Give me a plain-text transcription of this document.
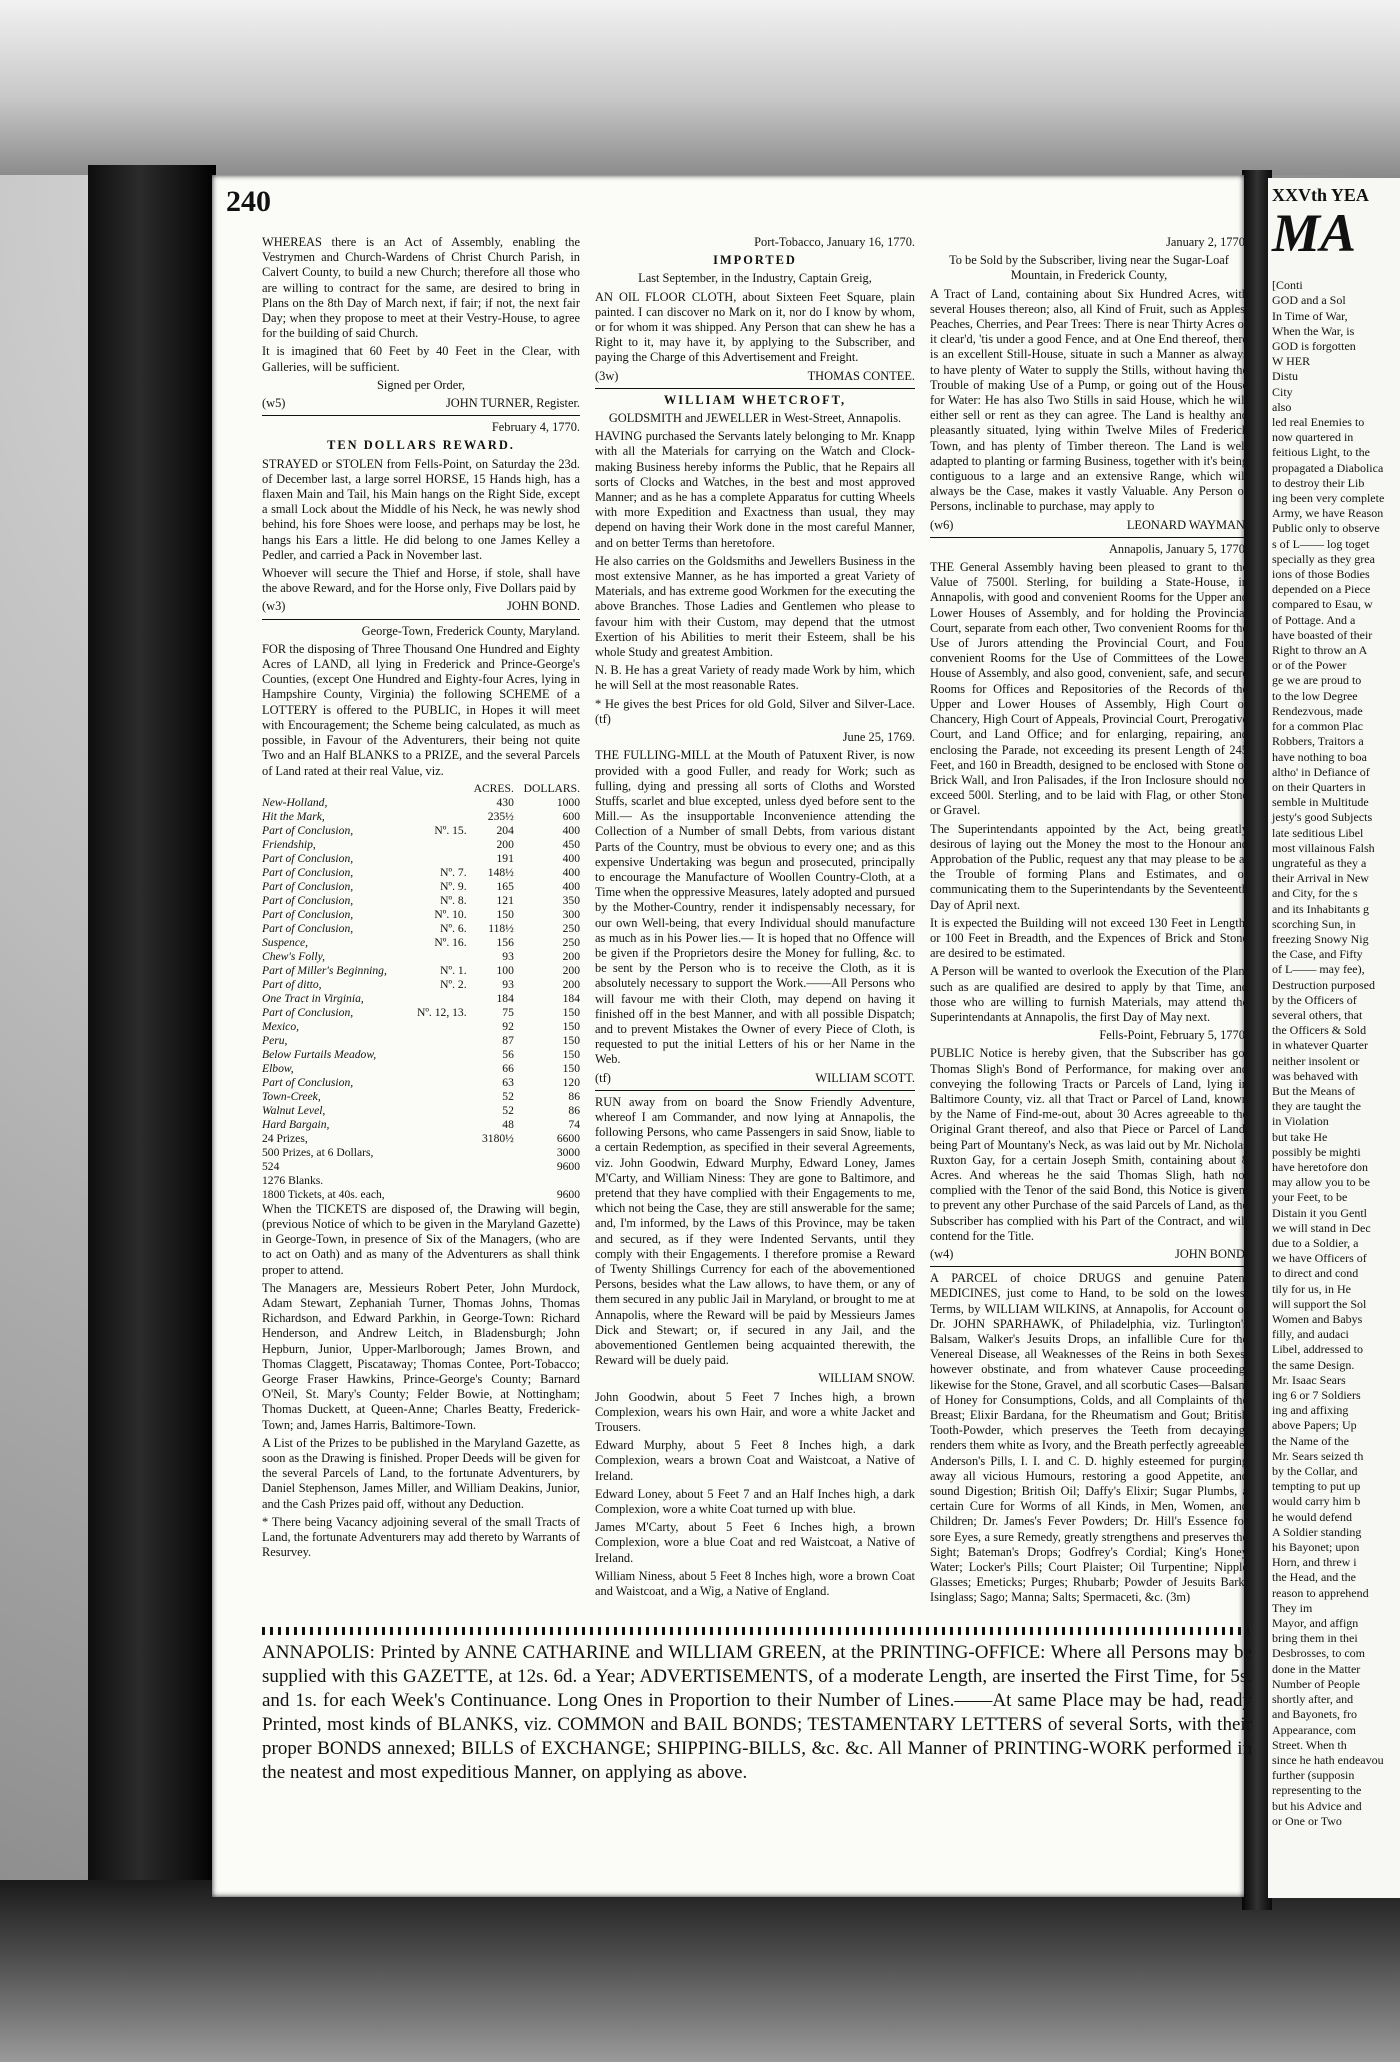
240

WHEREAS there is an Act of Assembly, enabling the Vestrymen and Church-Wardens of Christ Church Parish, in Calvert County, to build a new Church; therefore all those who are willing to contract for the same, are desired to bring in Plans on the 8th Day of March next, if fair; if not, the next fair Day; when they propose to meet at their Vestry-House, to agree for the building of said Church.

It is imagined that 60 Feet by 40 Feet in the Clear, with Galleries, will be sufficient.

Signed per Order,

(w5)	JOHN TURNER, Register.

February 4, 1770.

TEN DOLLARS REWARD.

STRAYED or STOLEN from Fells-Point, on Saturday the 23d. of December last, a large sorrel HORSE, 15 Hands high, has a flaxen Main and Tail, his Main hangs on the Right Side, except a small Lock about the Middle of his Neck, he was newly shod behind, his fore Shoes were loose, and perhaps may be lost, he hangs his Ears a little. He did belong to one James Kelley a Pedler, and carried a Pack in November last.

Whoever will secure the Thief and Horse, if stole, shall have the above Reward, and for the Horse only, Five Dollars paid by

(w3)	JOHN BOND.

George-Town, Frederick County, Maryland.

FOR the disposing of Three Thousand One Hundred and Eighty Acres of LAND, all lying in Frederick and Prince-George's Counties, (except One Hundred and Eighty-four Acres, lying in Hampshire County, Virginia) the following SCHEME of a LOTTERY is offered to the PUBLIC, in Hopes it will meet with Encouragement; the Scheme being calculated, as much as possible, in Favour of the Adventurers, their being not quite Two and an Half BLANKS to a PRIZE, and the several Parcels of Land rated at their real Value, viz.

		ACRES.	DOLLARS.
New-Holland,		430	1000
Hit the Mark,		235½	600
Part of Conclusion,	Nº. 15.	204	400
Friendship,		200	450
Part of Conclusion,		191	400
Part of Conclusion,	Nº. 7.	148½	400
Part of Conclusion,	Nº. 9.	165	400
Part of Conclusion,	Nº. 8.	121	350
Part of Conclusion,	Nº. 10.	150	300
Part of Conclusion,	Nº. 6.	118½	250
Suspence,	Nº. 16.	156	250
Chew's Folly,		93	200
Part of Miller's Beginning,	Nº. 1.	100	200
Part of ditto,	Nº. 2.	93	200
One Tract in Virginia,		184	184
Part of Conclusion,	Nº. 12, 13.	75	150
Mexico,		92	150
Peru,		87	150
Below Furtails Meadow,		56	150
Elbow,		66	150
Part of Conclusion,		63	120
Town-Creek,		52	86
Walnut Level,		52	86
Hard Bargain,		48	74
24 Prizes,		3180½	6600
500 Prizes, at 6 Dollars,			3000
524			9600
1276 Blanks.			
1800 Tickets, at 40s. each,			9600

When the TICKETS are disposed of, the Drawing will begin, (previous Notice of which to be given in the Maryland Gazette) in George-Town, in presence of Six of the Managers, (who are to act on Oath) and as many of the Adventurers as shall think proper to attend.

The Managers are, Messieurs Robert Peter, John Murdock, Adam Stewart, Zephaniah Turner, Thomas Johns, Thomas Richardson, and Edward Parkhin, in George-Town: Richard Henderson, and Andrew Leitch, in Bladensburgh; John Hepburn, Junior, Upper-Marlborough; James Brown, and Thomas Claggett, Piscataway; Thomas Contee, Port-Tobacco; George Fraser Hawkins, Prince-George's County; Barnard O'Neil, St. Mary's County; Felder Bowie, at Nottingham; Thomas Duckett, at Queen-Anne; Charles Beatty, Frederick-Town; and, James Harris, Baltimore-Town.

A List of the Prizes to be published in the Maryland Gazette, as soon as the Drawing is finished. Proper Deeds will be given for the several Parcels of Land, to the fortunate Adventurers, by Daniel Stephenson, James Miller, and William Deakins, Junior, and the Cash Prizes paid off, without any Deduction.

* There being Vacancy adjoining several of the small Tracts of Land, the fortunate Adventurers may add thereto by Warrants of Resurvey.

Port-Tobacco, January 16, 1770.

IMPORTED

Last September, in the Industry, Captain Greig,

AN OIL FLOOR CLOTH, about Sixteen Feet Square, plain painted. I can discover no Mark on it, nor do I know by whom, or for whom it was shipped. Any Person that can shew he has a Right to it, may have it, by applying to the Subscriber, and paying the Charge of this Advertisement and Freight.

(3w)	THOMAS CONTEE.

WILLIAM WHETCROFT,

GOLDSMITH and JEWELLER in West-Street, Annapolis.

HAVING purchased the Servants lately belonging to Mr. Knapp with all the Materials for carrying on the Watch and Clock-making Business hereby informs the Public, that he Repairs all sorts of Clocks and Watches, in the best and most approved Manner; and as he has a complete Apparatus for cutting Wheels with more Expedition and Exactness than usual, they may depend on having their Work done in the most careful Manner, and on better Terms than heretofore.

He also carries on the Goldsmiths and Jewellers Business in the most extensive Manner, as he has imported a great Variety of Materials, and has extreme good Workmen for the executing the above Branches. Those Ladies and Gentlemen who please to favour him with their Custom, may depend that the utmost Exertion of his Abilities to merit their Esteem, shall be his whole Study and greatest Ambition.

N. B. He has a great Variety of ready made Work by him, which he will Sell at the most reasonable Rates.

* He gives the best Prices for old Gold, Silver and Silver-Lace. (tf)

June 25, 1769.

THE FULLING-MILL at the Mouth of Patuxent River, is now provided with a good Fuller, and ready for Work; such as fulling, dying and pressing all sorts of Cloths and Worsted Stuffs, scarlet and blue excepted, unless dyed before sent to the Mill.— As the insupportable Inconvenience attending the Collection of a Number of small Debts, from various distant Parts of the Country, must be obvious to every one; and as this expensive Undertaking was begun and prosecuted, principally to encourage the Manufacture of Woollen Country-Cloth, at a Time when the oppressive Measures, lately adopted and pursued by the Mother-Country, render it indispensably necessary, for our own Well-being, that every Individual should manufacture as much as in his Power lies.— It is hoped that no Offence will be given if the Proprietors desire the Money for fulling, &c. to be sent by the Person who is to receive the Cloth, as it is absolutely necessary to support the Work.——All Persons who will favour me with their Cloth, may depend on having it finished off in the best Manner, and with all possible Dispatch; and to prevent Mistakes the Owner of every Piece of Cloth, is requested to put the initial Letters of his or her Name in the Web.

(tf)	WILLIAM SCOTT.

RUN away from on board the Snow Friendly Adventure, whereof I am Commander, and now lying at Annapolis, the following Persons, who came Passengers in said Snow, liable to a certain Redemption, as specified in their several Agreements, viz. John Goodwin, Edward Murphy, Edward Loney, James M'Carty, and William Niness: They are gone to Baltimore, and pretend that they have complied with their Engagements to me, which not being the Case, they are still answerable for the same; and, I'm informed, by the Laws of this Province, may be taken and secured, as if they were Indented Servants, until they comply with their Engagements. I therefore promise a Reward of Twenty Shillings Currency for each of the abovementioned Persons, besides what the Law allows, to have them, or any of them secured in any public Jail in Maryland, or brought to me at Annapolis, where the Reward will be paid by Messieurs James Dick and Stewart; or, if secured in any Jail, and the abovementioned Gentlemen being acquainted therewith, the Reward will be duely paid.

WILLIAM SNOW.

John Goodwin, about 5 Feet 7 Inches high, a brown Complexion, wears his own Hair, and wore a white Jacket and Trousers.

Edward Murphy, about 5 Feet 8 Inches high, a dark Complexion, wears a brown Coat and Waistcoat, a Native of Ireland.

Edward Loney, about 5 Feet 7 and an Half Inches high, a dark Complexion, wore a white Coat turned up with blue.

James M'Carty, about 5 Feet 6 Inches high, a brown Complexion, wore a blue Coat and red Waistcoat, a Native of Ireland.

William Niness, about 5 Feet 8 Inches high, wore a brown Coat and Waistcoat, and a Wig, a Native of England.

January 2, 1770.

To be Sold by the Subscriber, living near the Sugar-Loaf Mountain, in Frederick County,

A Tract of Land, containing about Six Hundred Acres, with several Houses thereon; also, all Kind of Fruit, such as Apples, Peaches, Cherries, and Pear Trees: There is near Thirty Acres of it clear'd, 'tis under a good Fence, and at One End thereof, there is an excellent Still-House, situate in such a Manner as always to have plenty of Water to supply the Stills, without having the Trouble of making Use of a Pump, or going out of the House for Water: He has also Two Stills in said House, which he will either sell or rent as they can agree. The Land is healthy and pleasantly situated, lying within Twelve Miles of Frederick Town, and has plenty of Timber thereon. The Land is well adapted to planting or farming Business, together with it's being contiguous to a large and an extensive Range, which will always be the Case, makes it vastly Valuable. Any Person or Persons, inclinable to purchase, may apply to

(w6)	LEONARD WAYMAN.

Annapolis, January 5, 1770.

THE General Assembly having been pleased to grant to the Value of 7500l. Sterling, for building a State-House, in Annapolis, with good and convenient Rooms for the Upper and Lower Houses of Assembly, and for holding the Provincial Court, separate from each other, Two convenient Rooms for the Use of Jurors attending the Provincial Court, and Four convenient Rooms for the Use of Committees of the Lower House of Assembly, and also good, convenient, safe, and secure Rooms for Offices and Repositories of the Records of the Upper and Lower Houses of Assembly, High Court of Chancery, High Court of Appeals, Provincial Court, Prerogative Court, and Land Office; and for enlarging, repairing, and enclosing the Parade, not exceeding its present Length of 245 Feet, and 160 in Breadth, designed to be enclosed with Stone or Brick Wall, and Iron Palisades, if the Iron Inclosure should not exceed 500l. Sterling, and to be laid with Flag, or other Stone or Gravel.

The Superintendants appointed by the Act, being greatly desirous of laying out the Money the most to the Honour and Approbation of the Public, request any that may please to be at the Trouble of forming Plans and Estimates, and of communicating them to the Superintendants by the Seventeenth Day of April next.

It is expected the Building will not exceed 130 Feet in Length, or 100 Feet in Breadth, and the Expences of Brick and Stone are desired to be estimated.

A Person will be wanted to overlook the Execution of the Plan; such as are qualified are desired to apply by that Time, and those who are willing to furnish Materials, may attend the Superintendants at Annapolis, the first Day of May next.

Fells-Point, February 5, 1770.

PUBLIC Notice is hereby given, that the Subscriber has got Thomas Sligh's Bond of Performance, for making over and conveying the following Tracts or Parcels of Land, lying in Baltimore County, viz. all that Tract or Parcel of Land, known by the Name of Find-me-out, about 30 Acres agreeable to the Original Grant thereof, and also that Piece or Parcel of Land, being Part of Mountany's Neck, as was laid out by Mr. Nicholas Ruxton Gay, for a certain Joseph Smith, containing about 8 Acres. And whereas he the said Thomas Sligh, hath not complied with the Tenor of the said Bond, this Notice is given, to prevent any other Purchase of the said Parcels of Land, as the Subscriber has complied with his Part of the Contract, and will contend for the Title.

(w4)	JOHN BOND.

A PARCEL of choice DRUGS and genuine Patent MEDICINES, just come to Hand, to be sold on the lowest Terms, by WILLIAM WILKINS, at Annapolis, for Account of Dr. JOHN SPARHAWK, of Philadelphia, viz. Turlington's Balsam, Walker's Jesuits Drops, an infallible Cure for the Venereal Disease, all Weaknesses of the Reins in both Sexes, however obstinate, and from whatever Cause proceeding, likewise for the Stone, Gravel, and all scorbutic Cases—Balsam of Honey for Consumptions, Colds, and all Complaints of the Breast; Elixir Bardana, for the Rheumatism and Gout; British Tooth-Powder, which preserves the Teeth from decaying, renders them white as Ivory, and the Breath perfectly agreeable; Anderson's Pills, I. I. and C. D. highly esteemed for purging away all vicious Humours, restoring a good Appetite, and sound Digestion; British Oil; Daffy's Elixir; Sugar Plumbs, a certain Cure for Worms of all Kinds, in Men, Women, and Children; Dr. James's Fever Powders; Dr. Hill's Essence for sore Eyes, a sure Remedy, greatly strengthens and preserves the Sight; Bateman's Drops; Godfrey's Cordial; King's Honey Water; Locker's Pills; Court Plaister; Oil Turpentine; Nipple Glasses; Emeticks; Purges; Rhubarb; Powder of Jesuits Bark; Isinglass; Sago; Manna; Salts; Spermaceti, &c. (3m)

ANNAPOLIS: Printed by ANNE CATHARINE and WILLIAM GREEN, at the PRINTING-OFFICE: Where all Persons may be supplied with this GAZETTE, at 12s. 6d. a Year; ADVERTISEMENTS, of a moderate Length, are inserted the First Time, for 5s. and 1s. for each Week's Continuance. Long Ones in Proportion to their Number of Lines.——At same Place may be had, ready Printed, most kinds of BLANKS, viz. COMMON and BAIL BONDS; TESTAMENTARY LETTERS of several Sorts, with their proper BONDS annexed; BILLS of EXCHANGE; SHIPPING-BILLS, &c. &c. All Manner of PRINTING-WORK performed in the neatest and most expeditious Manner, on applying as above.
XXVth YEA
MA
[Conti
GOD and a Sol
In Time of War,
When the War, is
GOD is forgotten
W HER
Distu
City
also
led real Enemies to
now quartered in
feitious Light, to the
propagated a Diabolica
to destroy their Lib
ing been very complete
Army, we have Reason
Public only to observe
s of L—— log toget
specially as they grea
ions of those Bodies
depended on a Piece
compared to Esau, w
of Pottage. And a
have boasted of their
Right to throw an A
or of the Power
ge we are proud to
to the low Degree
Rendezvous, made
for a common Plac
Robbers, Traitors a
have nothing to boa
altho' in Defiance of
on their Quarters in
semble in Multitude
jesty's good Subjects
late seditious Libel
most villainous Falsh
ungrateful as they a
their Arrival in New
and City, for the s
and its Inhabitants g
scorching Sun, in
freezing Snowy Nig
the Case, and Fifty
of L—— may fee),
Destruction purposed
by the Officers of
several others, that
the Officers & Sold
in whatever Quarter
neither insolent or
was behaved with
But the Means of
they are taught the
in Violation
but take He
possibly be mighti
have heretofore don
may allow you to be
your Feet, to be
Distain it you Gentl
we will stand in Dec
due to a Soldier, a
we have Officers of
to direct and cond
tily for us, in He
will support the Sol
Women and Babys
filly, and audaci
Libel, addressed to
the same Design.
Mr. Isaac Sears
ing 6 or 7 Soldiers
ing and affixing
above Papers; Up
the Name of the
Mr. Sears seized th
by the Collar, and
tempting to put up
would carry him b
he would defend
A Soldier standing
his Bayonet; upon
Horn, and threw i
the Head, and the
reason to apprehend
They im
Mayor, and affign
bring them in thei
Desbrosses, to com
done in the Matter
Number of People
shortly after, and
and Bayonets, fro
Appearance, com
Street. When th
since he hath endeavou
further (supposin
representing to the
but his Advice and
or One or Two
